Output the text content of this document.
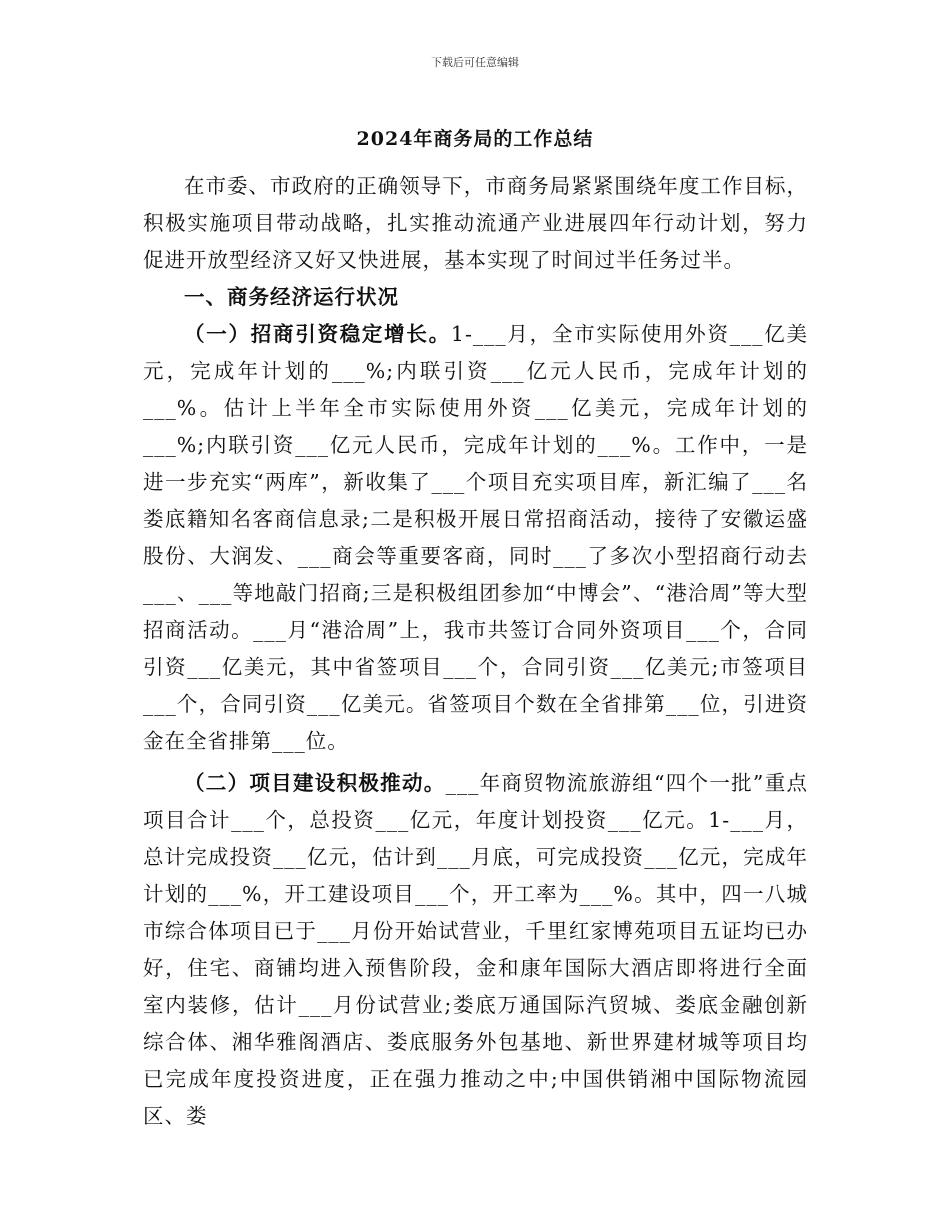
下载后可任意编辑
2024年商务局的工作总结

在市委、市政府的正确领导下，市商务局紧紧围绕年度工作目标，积极实施项目带动战略，扎实推动流通产业进展四年行动计划，努力促进开放型经济又好又快进展，基本实现了时间过半任务过半。

一、商务经济运行状况

（一）招商引资稳定增长。1-___月，全市实际使用外资___亿美元，完成年计划的___%;内联引资___亿元人民币，完成年计划的___%。估计上半年全市实际使用外资___亿美元，完成年计划的___%;内联引资___亿元人民币，完成年计划的___%。工作中，一是进一步充实“两库”，新收集了___个项目充实项目库，新汇编了___名娄底籍知名客商信息录;二是积极开展日常招商活动，接待了安徽运盛股份、大润发、___商会等重要客商，同时___了多次小型招商行动去___、___等地敲门招商;三是积极组团参加“中博会”、“港洽周”等大型招商活动。___月“港洽周”上，我市共签订合同外资项目___个，合同引资___亿美元，其中省签项目___个，合同引资___亿美元;市签项目___个，合同引资___亿美元。省签项目个数在全省排第___位，引进资金在全省排第___位。

（二）项目建设积极推动。___年商贸物流旅游组“四个一批”重点项目合计___个，总投资___亿元，年度计划投资___亿元。1-___月，总计完成投资___亿元，估计到___月底，可完成投资___亿元，完成年计划的___%，开工建设项目___个，开工率为___%。其中，四一八城市综合体项目已于___月份开始试营业，千里红家博苑项目五证均已办好，住宅、商铺均进入预售阶段，金和康年国际大酒店即将进行全面室内装修，估计___月份试营业;娄底万通国际汽贸城、娄底金融创新综合体、湘华雅阁酒店、娄底服务外包基地、新世界建材城等项目均已完成年度投资进度，正在强力推动之中;中国供销湘中国际物流园区、娄
